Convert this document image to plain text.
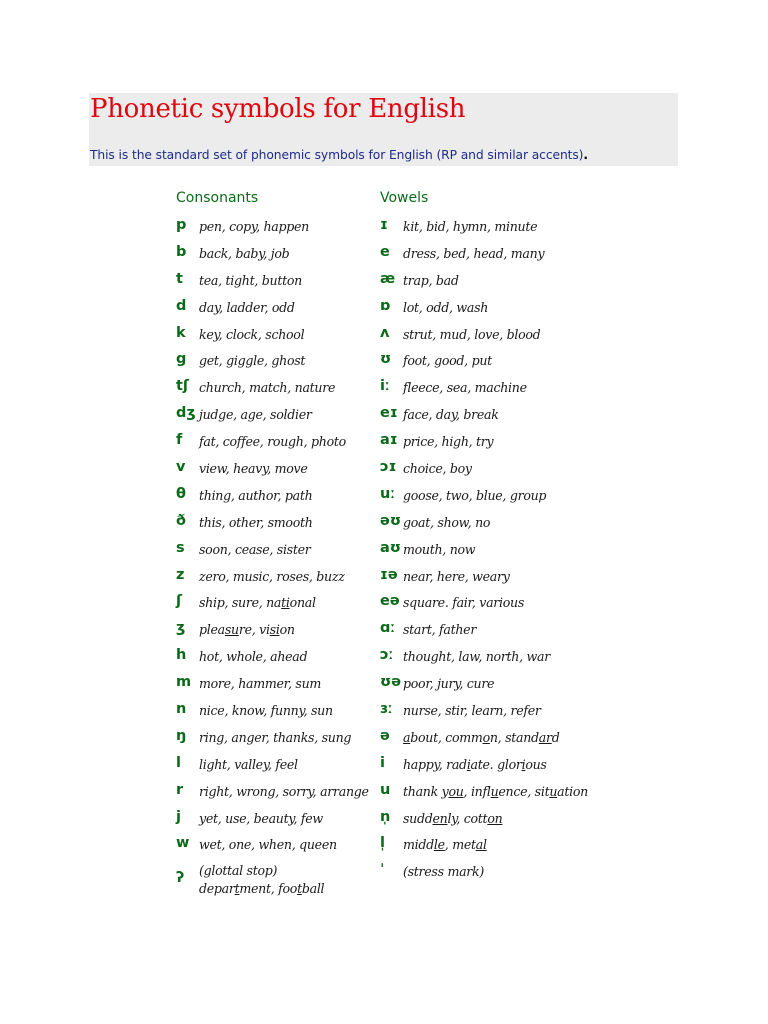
Phonetic symbols for English
This is the standard set of phonemic symbols for English (RP and similar accents).
Consonants	Vowels
p pen, copy, happen
b back, baby, job
t tea, tight, button
d day, ladder, odd
k key, clock, school
g get, giggle, ghost
tʃ church, match, nature
dʒ judge, age, soldier
f fat, coffee, rough, photo
v view, heavy, move
θ thing, author, path
ð this, other, smooth
s soon, cease, sister
z zero, music, roses, buzz
ʃ ship, sure, national
ʒ pleasure, vision
h hot, whole, ahead
m more, hammer, sum
n nice, know, funny, sun
ŋ ring, anger, thanks, sung
l light, valley, feel
r right, wrong, sorry, arrange
j yet, use, beauty, few
w wet, one, when, queen
ʔ (glottal stop)
department, football
ɪ kit, bid, hymn, minute
e dress, bed, head, many
æ trap, bad
ɒ lot, odd, wash
ʌ strut, mud, love, blood
ʊ foot, good, put
iː fleece, sea, machine
eɪ face, day, break
aɪ price, high, try
ɔɪ choice, boy
uː goose, two, blue, group
əʊ goat, show, no
aʊ mouth, now
ɪə near, here, weary
eə square. fair, various
ɑː start, father
ɔː thought, law, north, war
ʊə poor, jury, cure
ɜː nurse, stir, learn, refer
ə about, common, standard
i happy, radiate. glorious
u thank you, influence, situation
n̩ suddenly, cotton
l̩ middle, metal
ˈ (stress mark)
